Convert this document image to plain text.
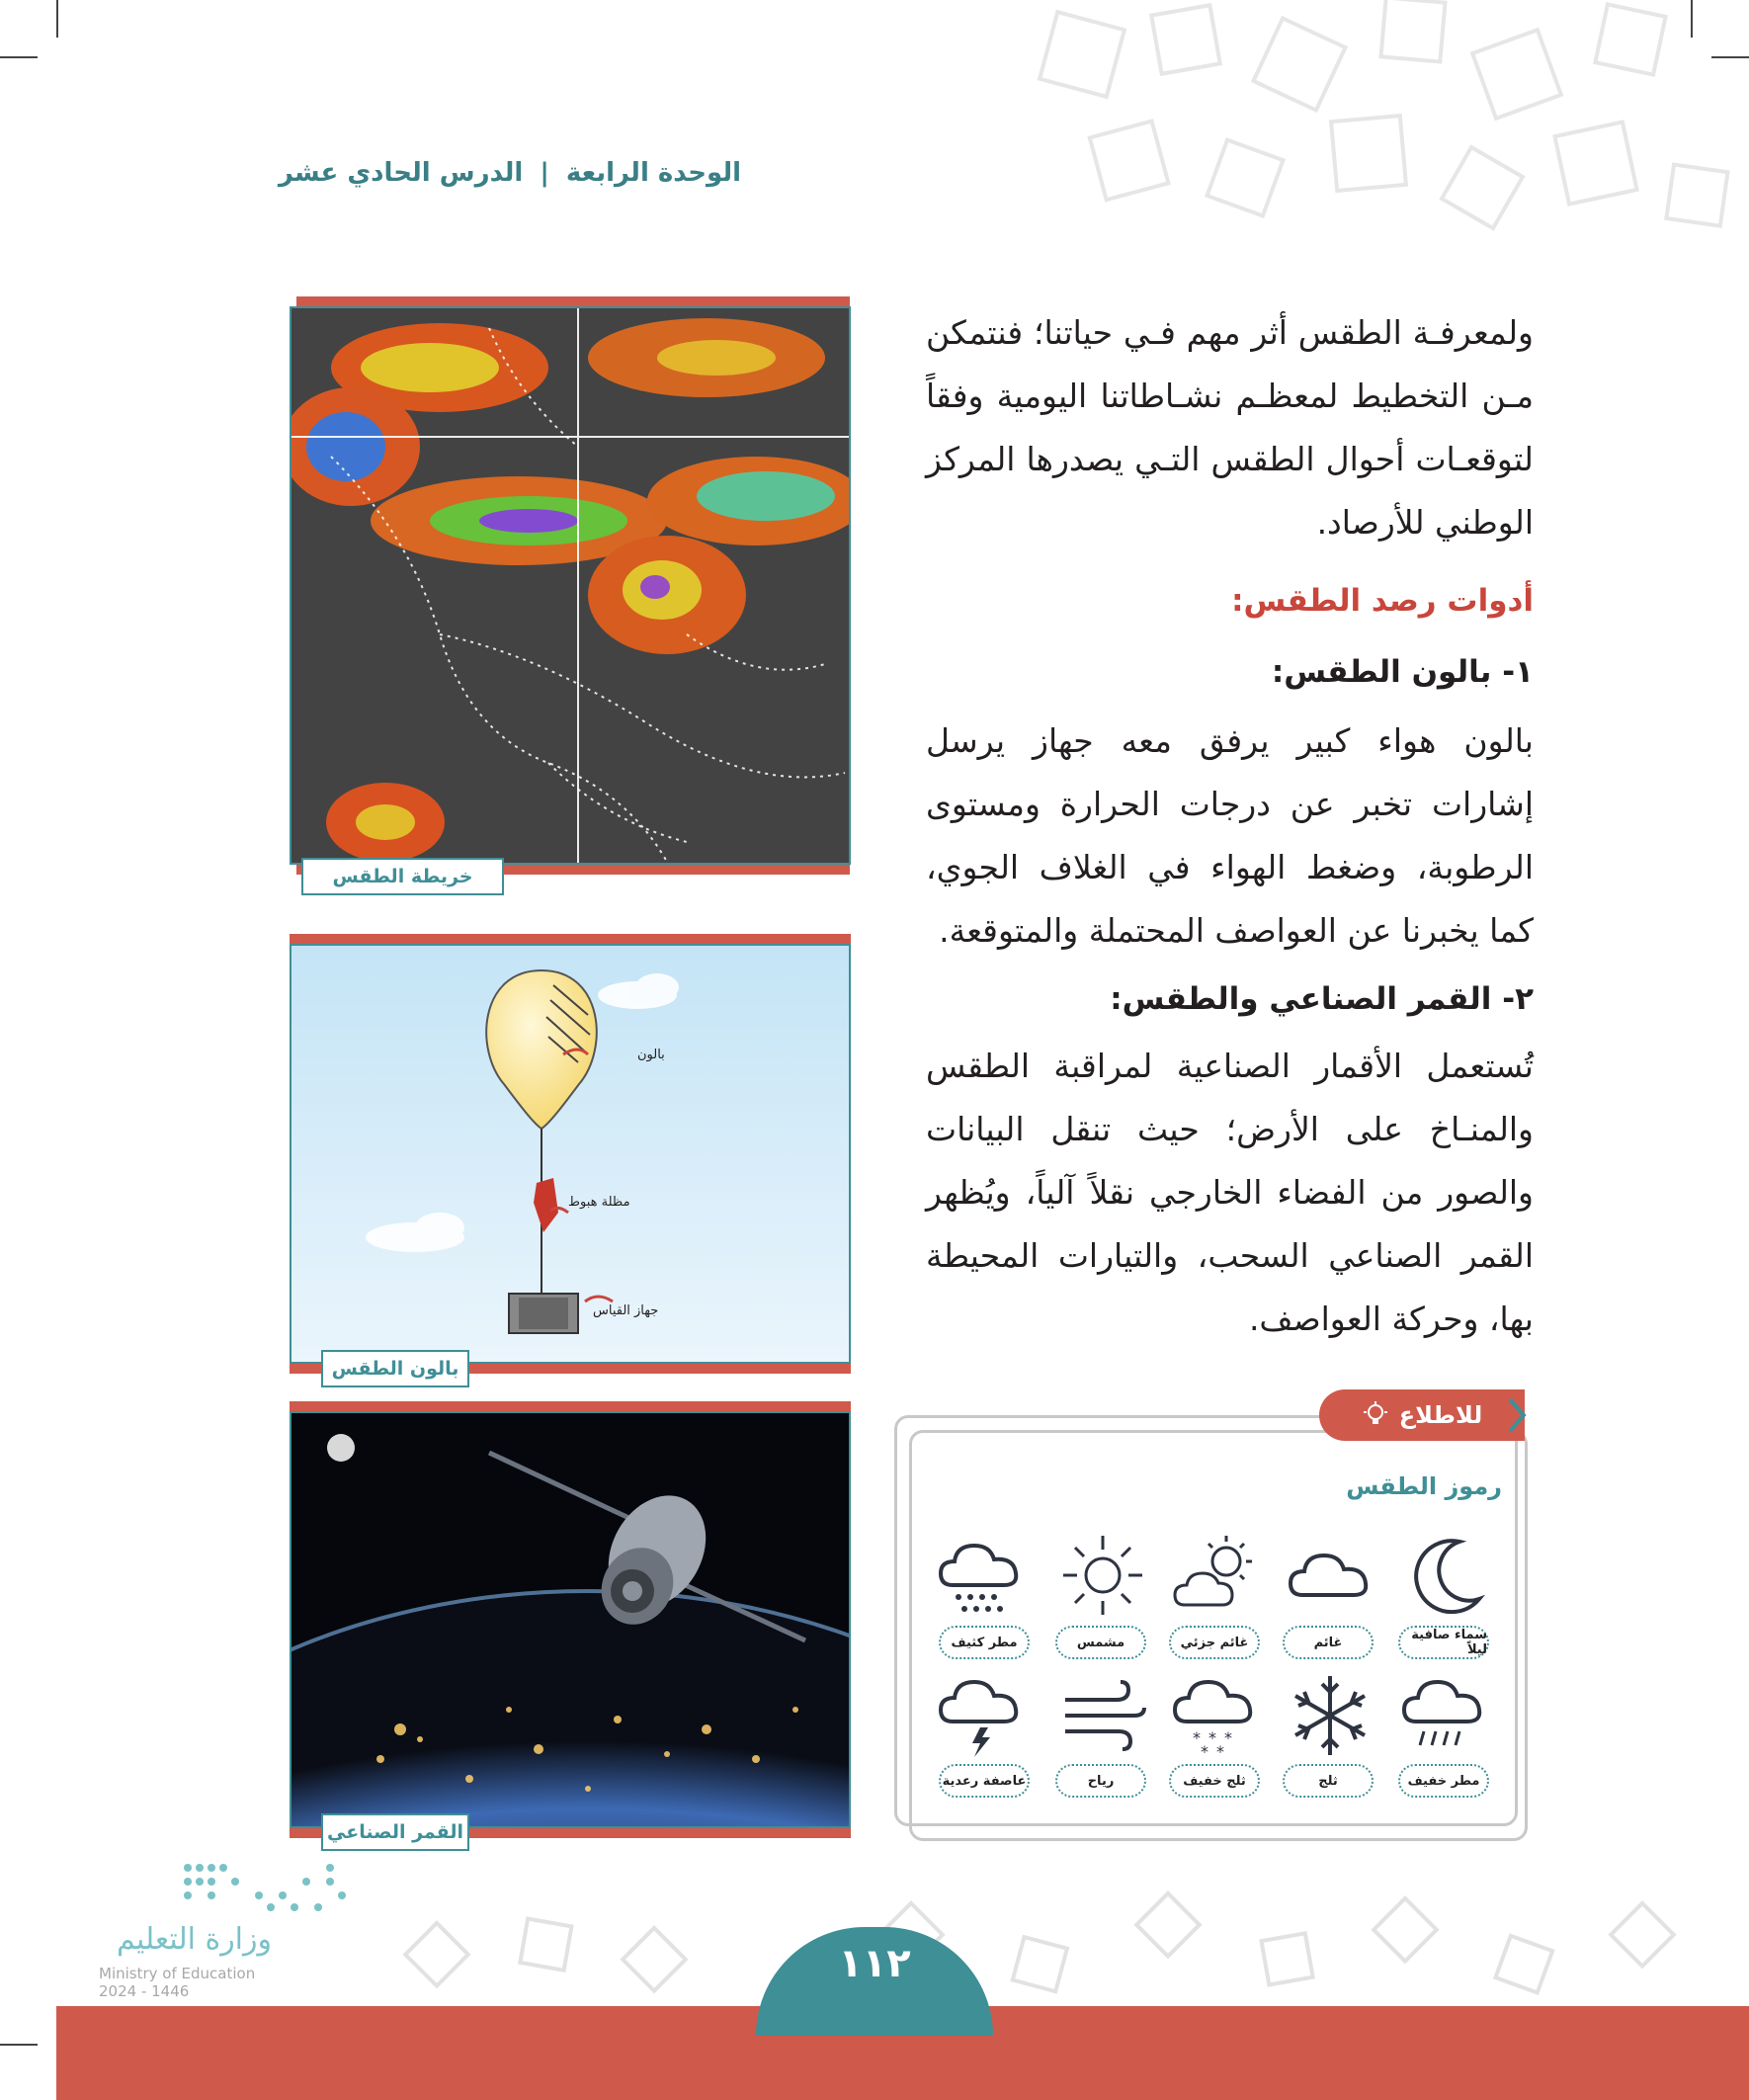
الوحدة الرابعة | الدرس الحادي عشر
ولمعرفـة الطقس أثر مهم فـي حياتنا؛ فنتمكن مـن التخطيط لمعظـم نشـاطاتنا اليومية وفقاً لتوقعـات أحوال الطقس التـي يصدرها المركز الوطني للأرصاد.
أدوات رصد الطقس:
١- بالون الطقس:
بالون هواء كبير يرفق معه جهاز يرسل إشارات تخبر عن درجات الحرارة ومستوى الرطوبة، وضغط الهواء في الغلاف الجوي، كما يخبرنا عن العواصف المحتملة والمتوقعة.
٢- القمر الصناعي والطقس:
تُستعمل الأقمار الصناعية لمراقبة الطقس والمنـاخ على الأرض؛ حيث تنقل البيانات والصور من الفضاء الخارجي نقلاً آلياً، ويُظهر القمر الصناعي السحب، والتيارات المحيطة بها، وحركة العواصف.
خريطة الطقس
بالون
مظلة هبوط
جهاز القياس
بالون الطقس
القمر الصناعي
للاطلاع
رموز الطقس
سماء صافية ليلاً
غائم
غائم جزئي
مشمس
مطر كثيف
* * *
* *
مطر خفيف
ثلج
ثلج خفيف
رياح
عاصفة رعدية
وزارة التعليم
Ministry of Education
2024 - 1446
١١٢
